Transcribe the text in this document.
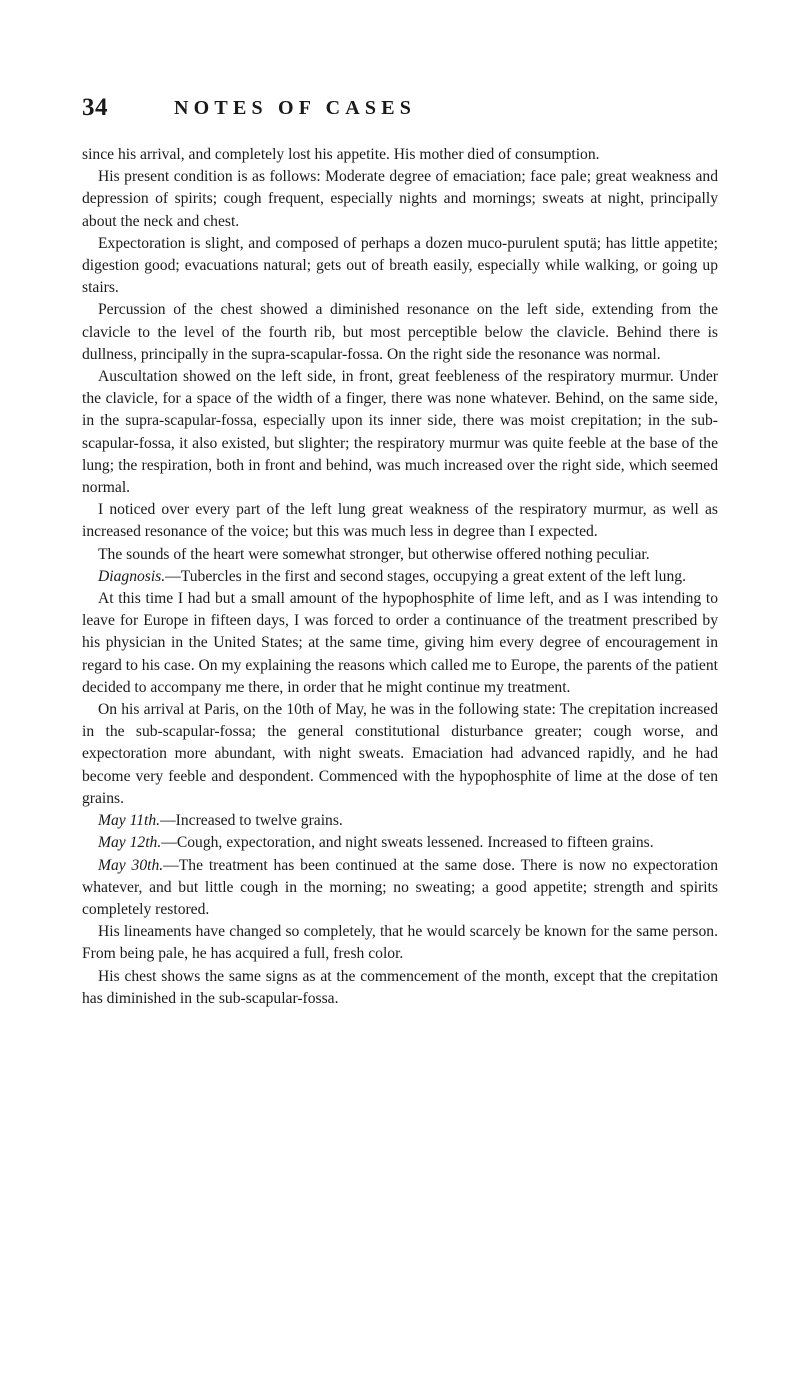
34	NOTES OF CASES

since his arrival, and completely lost his appetite. His mother died of consumption.

His present condition is as follows: Moderate degree of emaciation; face pale; great weakness and depression of spirits; cough frequent, especially nights and mornings; sweats at night, principally about the neck and chest.

Expectoration is slight, and composed of perhaps a dozen muco-purulent sputä; has little appetite; digestion good; evacuations natural; gets out of breath easily, especially while walking, or going up stairs.

Percussion of the chest showed a diminished resonance on the left side, extending from the clavicle to the level of the fourth rib, but most perceptible below the clavicle. Behind there is dullness, principally in the supra-scapular-fossa. On the right side the resonance was normal.

Auscultation showed on the left side, in front, great feebleness of the respiratory murmur. Under the clavicle, for a space of the width of a finger, there was none whatever. Behind, on the same side, in the supra-scapular-fossa, especially upon its inner side, there was moist crepitation; in the sub-scapular-fossa, it also existed, but slighter; the respiratory murmur was quite feeble at the base of the lung; the respiration, both in front and behind, was much increased over the right side, which seemed normal.

I noticed over every part of the left lung great weakness of the respiratory murmur, as well as increased resonance of the voice; but this was much less in degree than I expected.

The sounds of the heart were somewhat stronger, but otherwise offered nothing peculiar.

Diagnosis.—Tubercles in the first and second stages, occupying a great extent of the left lung.

At this time I had but a small amount of the hypophosphite of lime left, and as I was intending to leave for Europe in fifteen days, I was forced to order a continuance of the treatment prescribed by his physician in the United States; at the same time, giving him every degree of encouragement in regard to his case. On my explaining the reasons which called me to Europe, the parents of the patient decided to accompany me there, in order that he might continue my treatment.

On his arrival at Paris, on the 10th of May, he was in the following state: The crepitation increased in the sub-scapular-fossa; the general constitutional disturbance greater; cough worse, and expectoration more abundant, with night sweats. Emaciation had advanced rapidly, and he had become very feeble and despondent. Commenced with the hypophosphite of lime at the dose of ten grains.

May 11th.—Increased to twelve grains.

May 12th.—Cough, expectoration, and night sweats lessened. Increased to fifteen grains.

May 30th.—The treatment has been continued at the same dose. There is now no expectoration whatever, and but little cough in the morning; no sweating; a good appetite; strength and spirits completely restored.

His lineaments have changed so completely, that he would scarcely be known for the same person. From being pale, he has acquired a full, fresh color.

His chest shows the same signs as at the commencement of the month, except that the crepitation has diminished in the sub-scapular-fossa.
